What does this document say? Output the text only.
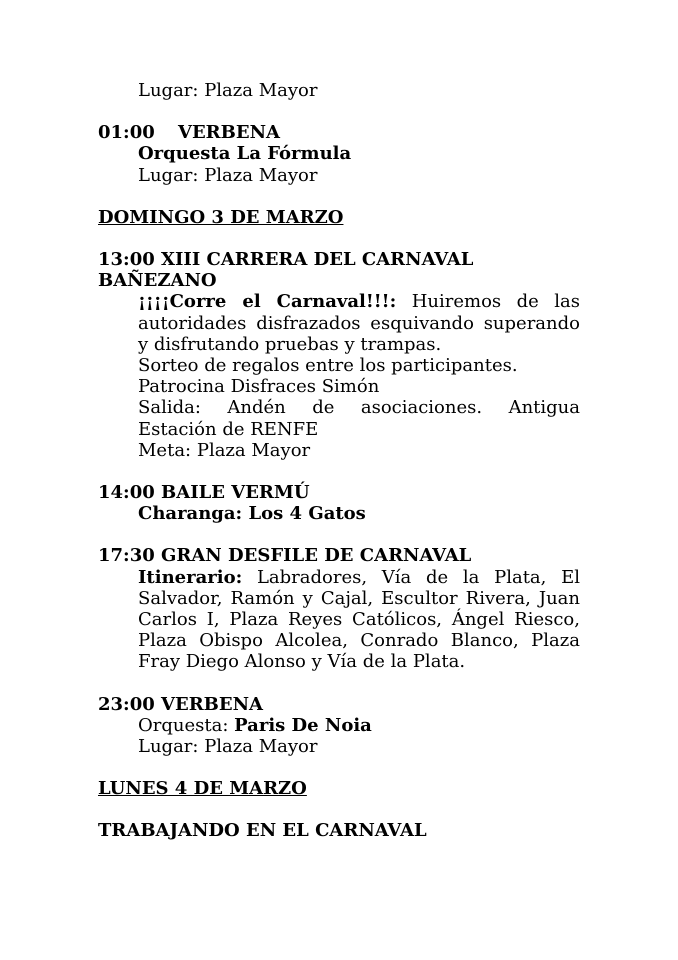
Lugar: Plaza Mayor
01:00 VERBENA
Orquesta La Fórmula
Lugar: Plaza Mayor
DOMINGO 3 DE MARZO
13:00 XIII CARRERA DEL CARNAVAL
BAÑEZANO
¡¡¡¡Corre el Carnaval!!!: Huiremos de las autoridades disfrazados esquivando superando y disfrutando pruebas y trampas.
Sorteo de regalos entre los participantes.
Patrocina Disfraces Simón
Salida: Andén de asociaciones. Antigua Estación de RENFE
Meta: Plaza Mayor
14:00 BAILE VERMÚ
Charanga: Los 4 Gatos
17:30 GRAN DESFILE DE CARNAVAL
Itinerario: Labradores, Vía de la Plata, El Salvador, Ramón y Cajal, Escultor Rivera, Juan Carlos I, Plaza Reyes Católicos, Ángel Riesco, Plaza Obispo Alcolea, Conrado Blanco, Plaza Fray Diego Alonso y Vía de la Plata.
23:00 VERBENA
Orquesta: Paris De Noia
Lugar: Plaza Mayor
LUNES 4 DE MARZO
TRABAJANDO EN EL CARNAVAL
